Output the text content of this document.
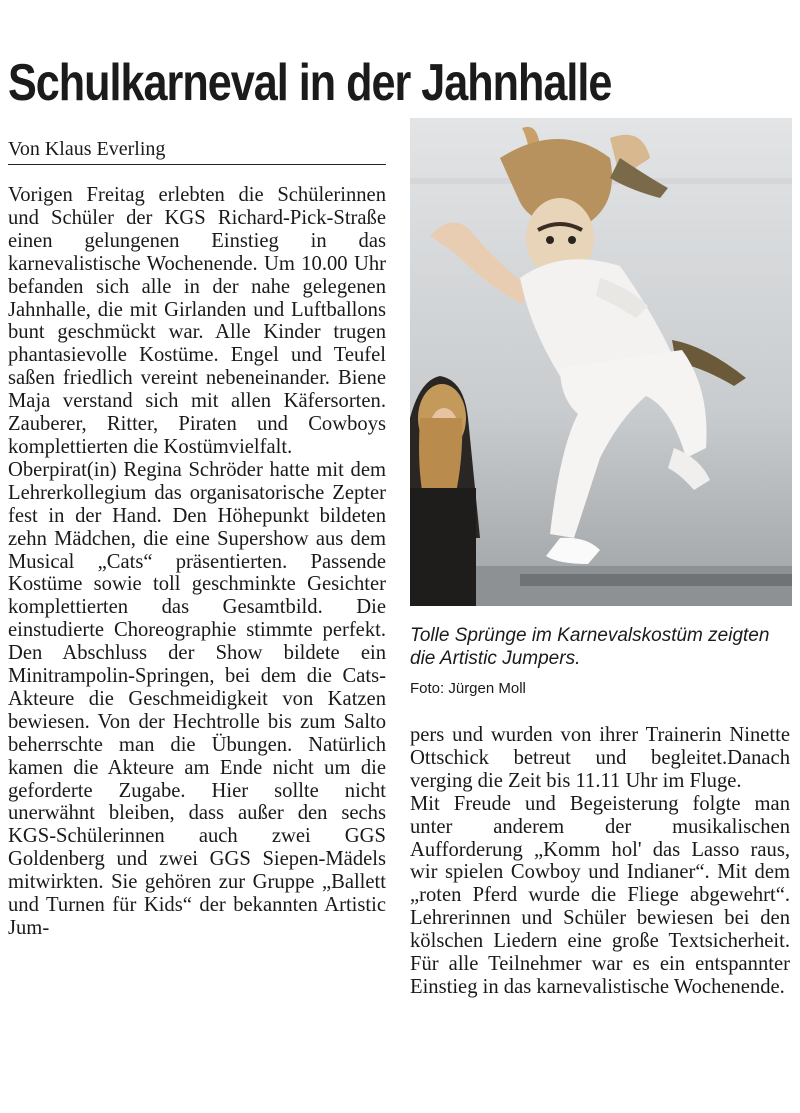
Schulkarneval in der Jahnhalle
Von Klaus Everling

Vorigen Freitag erlebten die Schülerinnen und Schüler der KGS Richard-Pick-Straße einen gelungenen Einstieg in das karnevalistische Wochenende. Um 10.00 Uhr befanden sich alle in der nahe gelegenen Jahnhalle, die mit Girlanden und Luftballons bunt geschmückt war. Alle Kinder trugen phantasievolle Kostüme. Engel und Teufel saßen friedlich vereint nebeneinander. Biene Maja verstand sich mit allen Käfersorten. Zauberer, Ritter, Piraten und Cowboys komplettierten die Kostümvielfalt.

Oberpirat(in) Regina Schröder hatte mit dem Lehrerkollegium das organisatorische Zepter fest in der Hand. Den Höhepunkt bildeten zehn Mädchen, die eine Supershow aus dem Musical „Cats“ präsentierten. Passende Kostüme sowie toll geschminkte Gesichter komplettierten das Gesamtbild. Die einstudierte Choreographie stimmte perfekt. Den Abschluss der Show bildete ein Minitrampolin-Springen, bei dem die Cats-Akteure die Geschmeidigkeit von Katzen bewiesen. Von der Hechtrolle bis zum Salto beherrschte man die Übungen. Natürlich kamen die Akteure am Ende nicht um die geforderte Zugabe. Hier sollte nicht unerwähnt bleiben, dass außer den sechs KGS-Schülerinnen auch zwei GGS Goldenberg und zwei GGS Siepen-Mädels mitwirkten. Sie gehören zur Gruppe „Ballett und Turnen für Kids“ der bekannten Artistic Jum-

Tolle Sprünge im Karnevalskostüm zeigten die Artistic Jumpers.
Foto: Jürgen Moll

pers und wurden von ihrer Trainerin Ninette Ottschick betreut und begleitet.Danach verging die Zeit bis 11.11 Uhr im Fluge.

Mit Freude und Begeisterung folgte man unter anderem der musikalischen Aufforderung „Komm hol' das Lasso raus, wir spielen Cowboy und Indianer“. Mit dem „roten Pferd wurde die Fliege abgewehrt“. Lehrerinnen und Schüler bewiesen bei den kölschen Liedern eine große Textsicherheit. Für alle Teilnehmer war es ein entspannter Einstieg in das karnevalistische Wochenende.
